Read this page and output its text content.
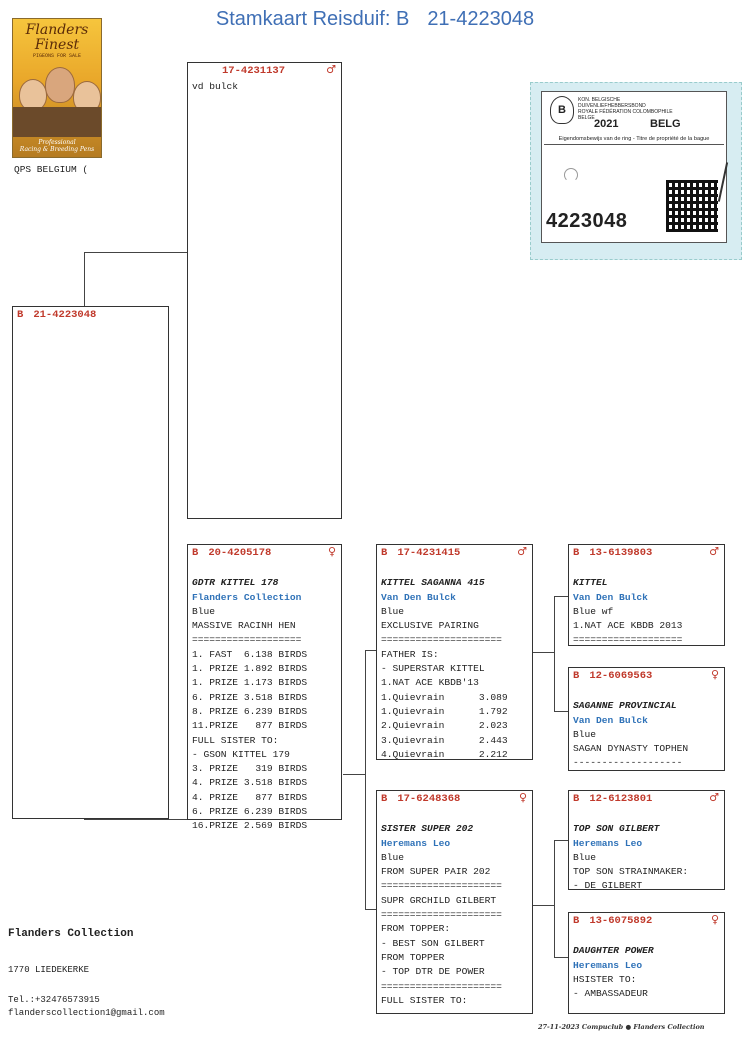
Stamkaart Reisduif: B 21-4223048
Flanders Finest
PIGEONS FOR SALE
Professional
Racing & Breeding Pens
QPS BELGIUM (
B
KON. BELGISCHE DUIVENLIEFHEBBERSBOND
ROYALE FÉDÉRATION COLOMBOPHILE BELGE 2021	BELG
Eigendomsbewijs van de ring - Titre de propriété de la bague
4223048
B 21-4223048
17-4231137	♂
vd bulck
B 20-4205178	♀

GDTR KITTEL 178
Flanders Collection
Blue
MASSIVE RACINH HEN
===================
1. FAST  6.138 BIRDS
1. PRIZE 1.892 BIRDS
1. PRIZE 1.173 BIRDS
6. PRIZE 3.518 BIRDS
8. PRIZE 6.239 BIRDS
11.PRIZE   877 BIRDS
FULL SISTER TO:
- GSON KITTEL 179
3. PRIZE   319 BIRDS
4. PRIZE 3.518 BIRDS
4. PRIZE   877 BIRDS
6. PRIZE 6.239 BIRDS
16.PRIZE 2.569 BIRDS

B 17-4231415	♂

KITTEL SAGANNA 415
Van Den Bulck
Blue
EXCLUSIVE PAIRING
=====================
FATHER IS:
- SUPERSTAR KITTEL
1.NAT ACE KBDB'13
1.Quievrain      3.089
1.Quievrain      1.792
2.Quievrain      2.023
3.Quievrain      2.443
4.Quievrain      2.212

B 17-6248368	♀

SISTER SUPER 202
Heremans Leo
Blue
FROM SUPER PAIR 202
=====================
SUPR GRCHILD GILBERT
=====================
FROM TOPPER:
- BEST SON GILBERT
FROM TOPPER
- TOP DTR DE POWER
=====================
FULL SISTER TO:

B 13-6139803	♂

KITTEL
Van Den Bulck
Blue wf
1.NAT ACE KBDB 2013
===================

B 12-6069563	♀

SAGANNE PROVINCIAL
Van Den Bulck
Blue
SAGAN DYNASTY TOPHEN
-------------------

B 12-6123801	♂

TOP SON GILBERT
Heremans Leo
Blue
TOP SON STRAINMAKER:
- DE GILBERT

B 13-6075892	♀

DAUGHTER POWER
Heremans Leo
HSISTER TO:
- AMBASSADEUR

Flanders Collection
1770 LIEDEKERKE
Tel.:+32476573915
flanderscollection1@gmail.com
27-11-2023 Compuclub ● Flanders Collection
